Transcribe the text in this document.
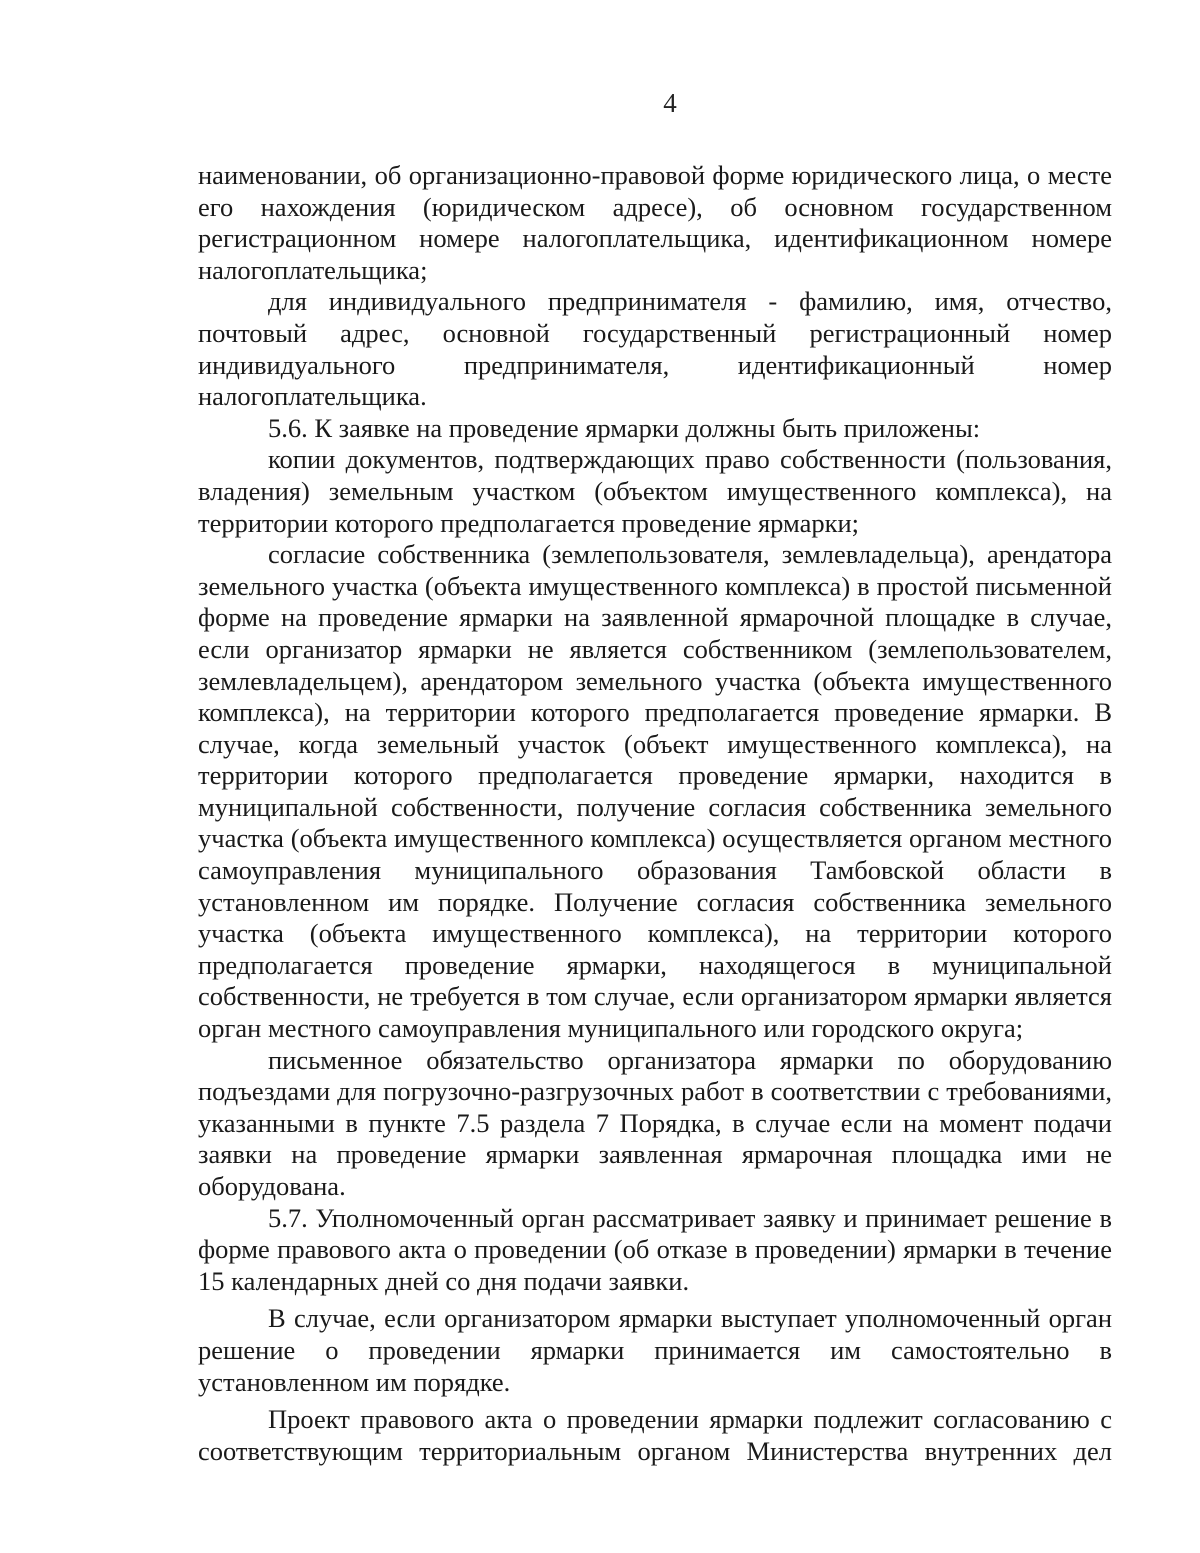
4

наименовании, об организационно-правовой форме юридического лица, о месте его нахождения (юридическом адресе), об основном государственном регистрационном номере налогоплательщика, идентификационном номере налогоплательщика;

для индивидуального предпринимателя - фамилию, имя, отчество, почтовый адрес, основной государственный регистрационный номер индивидуального предпринимателя, идентификационный номер налогоплательщика.

5.6. К заявке на проведение ярмарки должны быть приложены:

копии документов, подтверждающих право собственности (пользования, владения) земельным участком (объектом имущественного комплекса), на территории которого предполагается проведение ярмарки;

согласие собственника (землепользователя, землевладельца), арендатора земельного участка (объекта имущественного комплекса) в простой письменной форме на проведение ярмарки на заявленной ярмарочной площадке в случае, если организатор ярмарки не является собственником (землепользователем, землевладельцем), арендатором земельного участка (объекта имущественного комплекса), на территории которого предполагается проведение ярмарки. В случае, когда земельный участок (объект имущественного комплекса), на территории которого предполагается проведение ярмарки, находится в муниципальной собственности, получение согласия собственника земельного участка (объекта имущественного комплекса) осуществляется органом местного самоуправления муниципального образования Тамбовской области в установленном им порядке. Получение согласия собственника земельного участка (объекта имущественного комплекса), на территории которого предполагается проведение ярмарки, находящегося в муниципальной собственности, не требуется в том случае, если организатором ярмарки является орган местного самоуправления муниципального или городского округа;

письменное обязательство организатора ярмарки по оборудованию подъездами для погрузочно-разгрузочных работ в соответствии с требованиями, указанными в пункте 7.5 раздела 7 Порядка, в случае если на момент подачи заявки на проведение ярмарки заявленная ярмарочная площадка ими не оборудована.

5.7. Уполномоченный орган рассматривает заявку и принимает решение в форме правового акта о проведении (об отказе в проведении) ярмарки в течение 15 календарных дней со дня подачи заявки.

В случае, если организатором ярмарки выступает уполномоченный орган решение о проведении ярмарки принимается им самостоятельно в установленном им порядке.

Проект правового акта о проведении ярмарки подлежит согласованию с соответствующим территориальным органом Министерства внутренних дел
